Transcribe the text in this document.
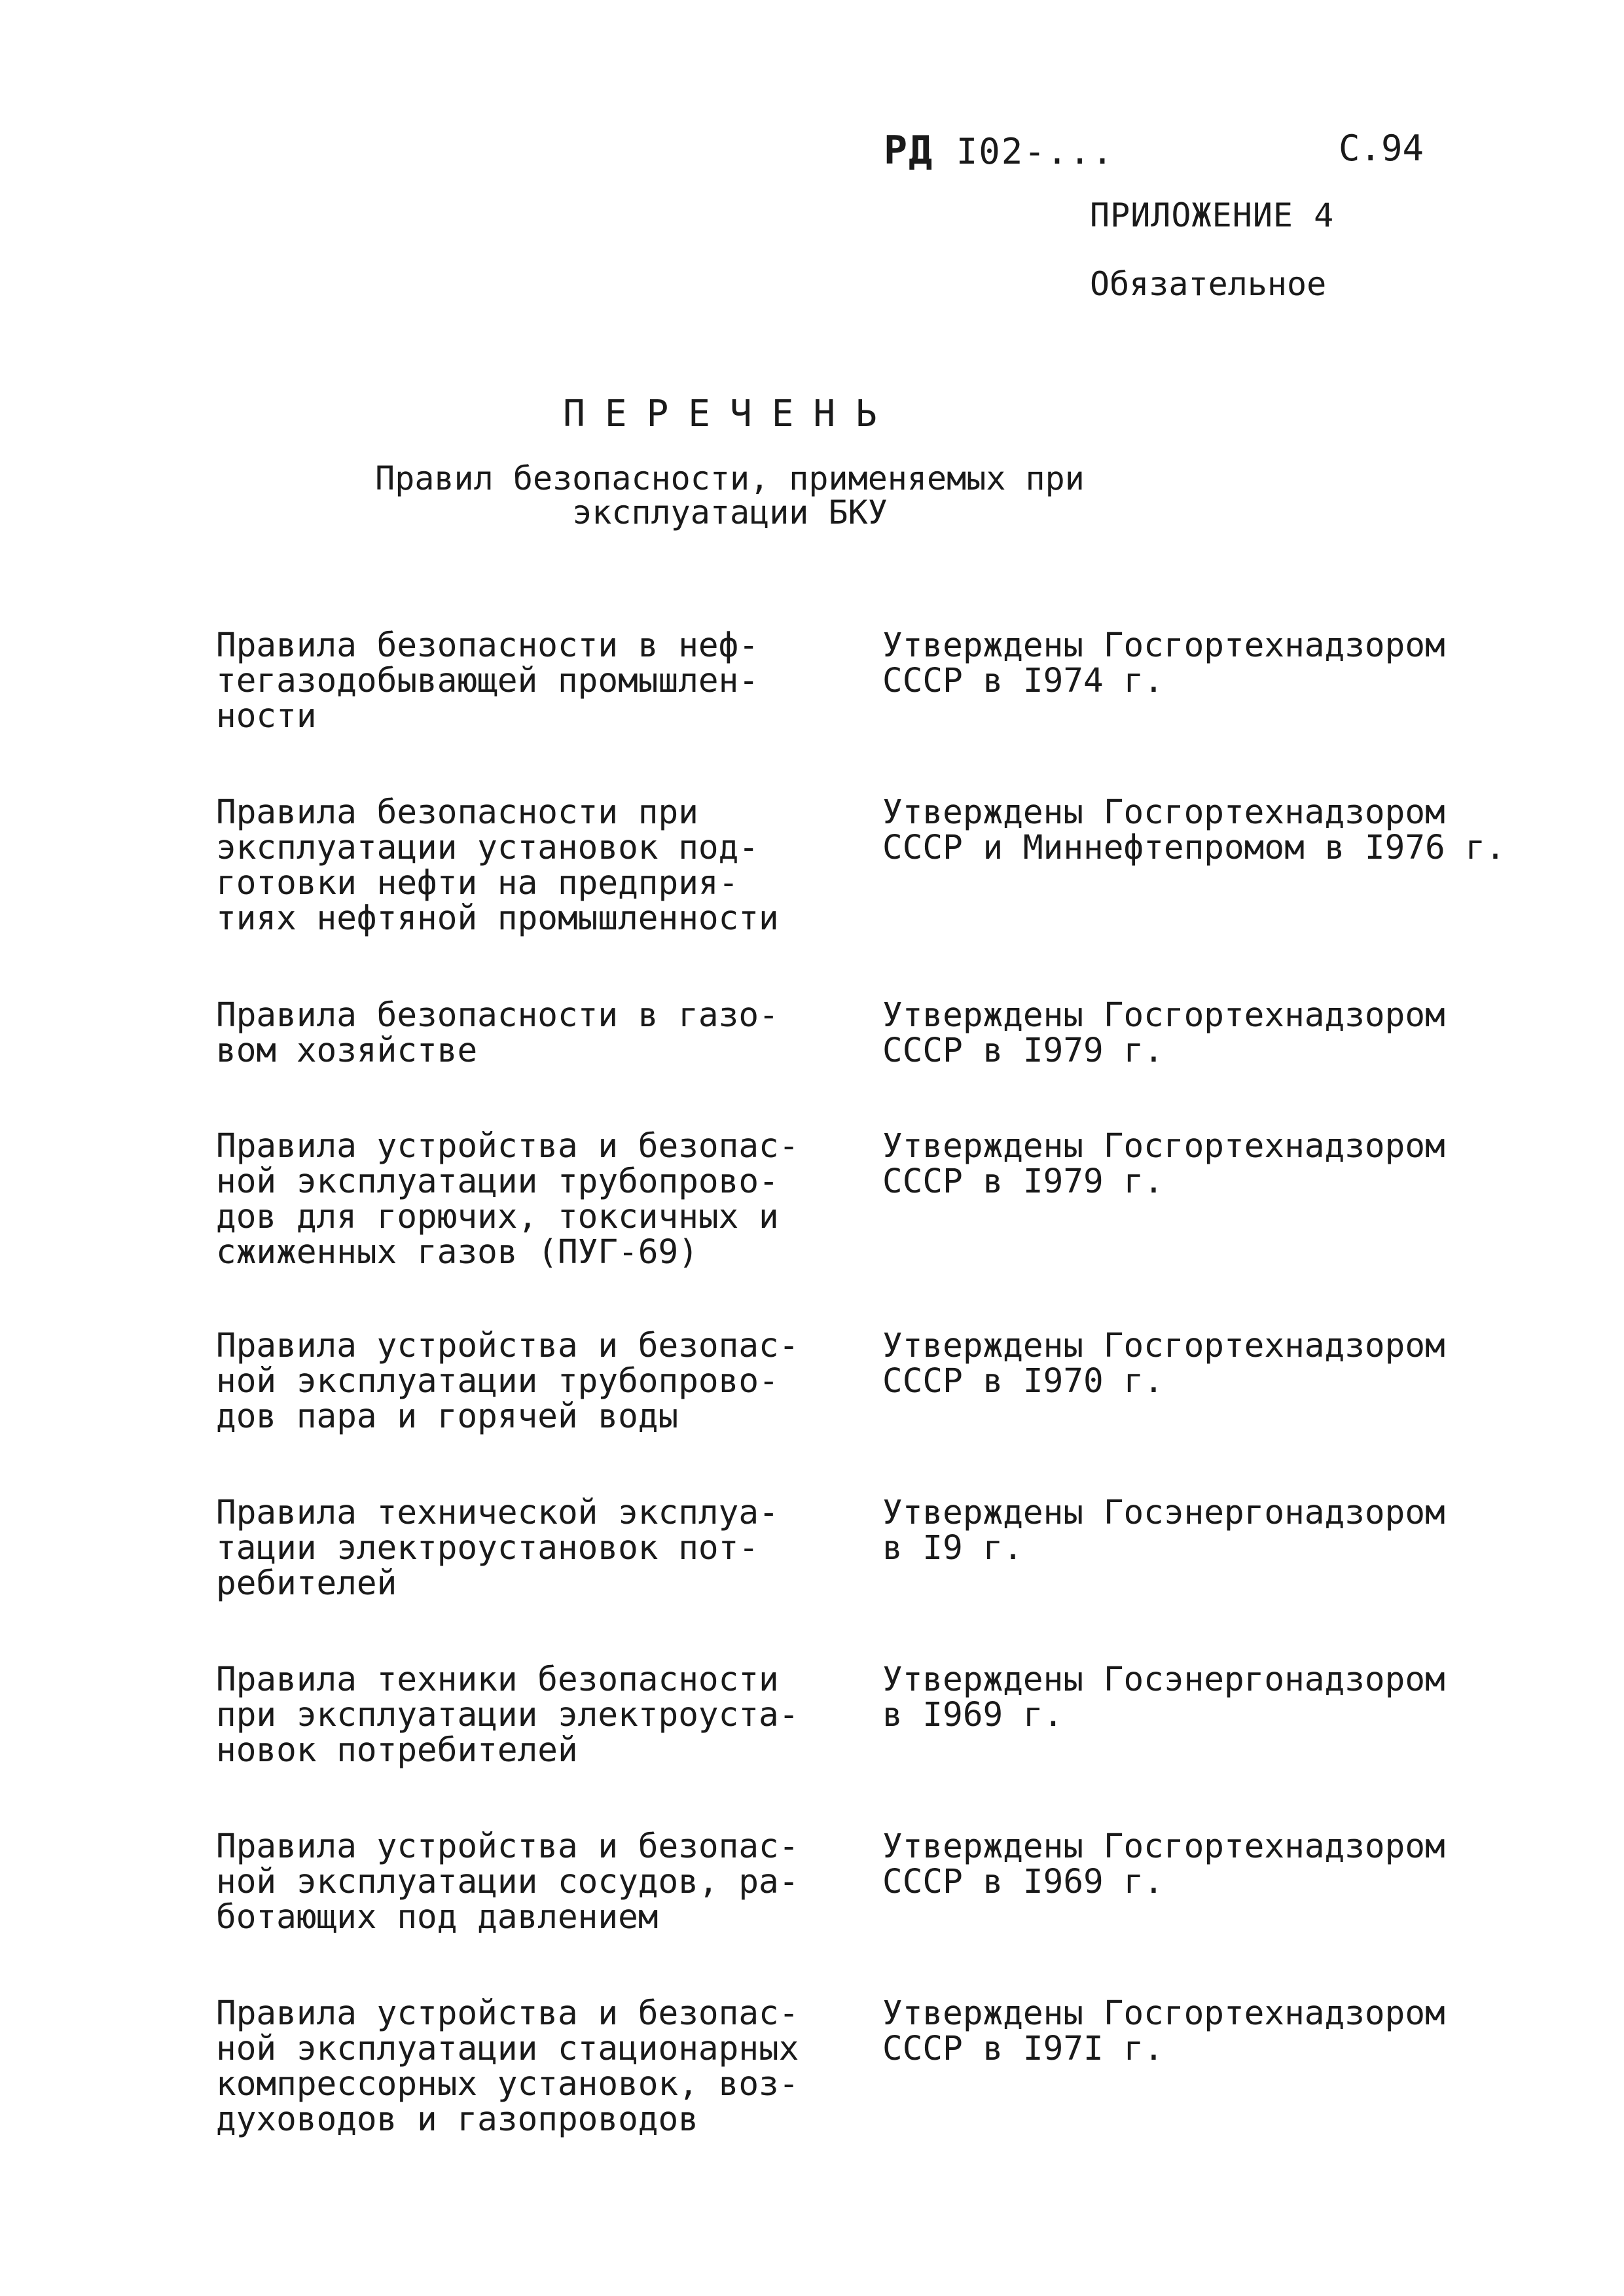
РД I02-...	С.94
ПРИЛОЖЕНИЕ 4
Обязательное
ПЕРЕЧЕНЬ
Правил безопасности, применяемых при
эксплуатации БКУ
Правила безопасности в неф-
тегазодобывающей промышлен-
ности
Утверждены Госгортехнадзором
СССР в I974 г.
Правила безопасности при
эксплуатации установок под-
готовки нефти на предприя-
тиях нефтяной промышленности
Утверждены Госгортехнадзором
СССР и Миннефтепромом в I976 г.
Правила безопасности в газо-
вом хозяйстве
Утверждены Госгортехнадзором
СССР в I979 г.
Правила устройства и безопас-
ной эксплуатации трубопрово-
дов для горючих, токсичных и
сжиженных газов (ПУГ-69)
Утверждены Госгортехнадзором
СССР в I979 г.
Правила устройства и безопас-
ной эксплуатации трубопрово-
дов пара и горячей воды
Утверждены Госгортехнадзором
СССР в I970 г.
Правила технической эксплуа-
тации электроустановок пот-
ребителей
Утверждены Госэнергонадзором
в I9 г.
Правила техники безопасности
при эксплуатации электроуста-
новок потребителей
Утверждены Госэнергонадзором
в I969 г.
Правила устройства и безопас-
ной эксплуатации сосудов, ра-
ботающих под давлением
Утверждены Госгортехнадзором
СССР в I969 г.
Правила устройства и безопас-
ной эксплуатации стационарных
компрессорных установок, воз-
духоводов и газопроводов
Утверждены Госгортехнадзором
СССР в I97I г.
